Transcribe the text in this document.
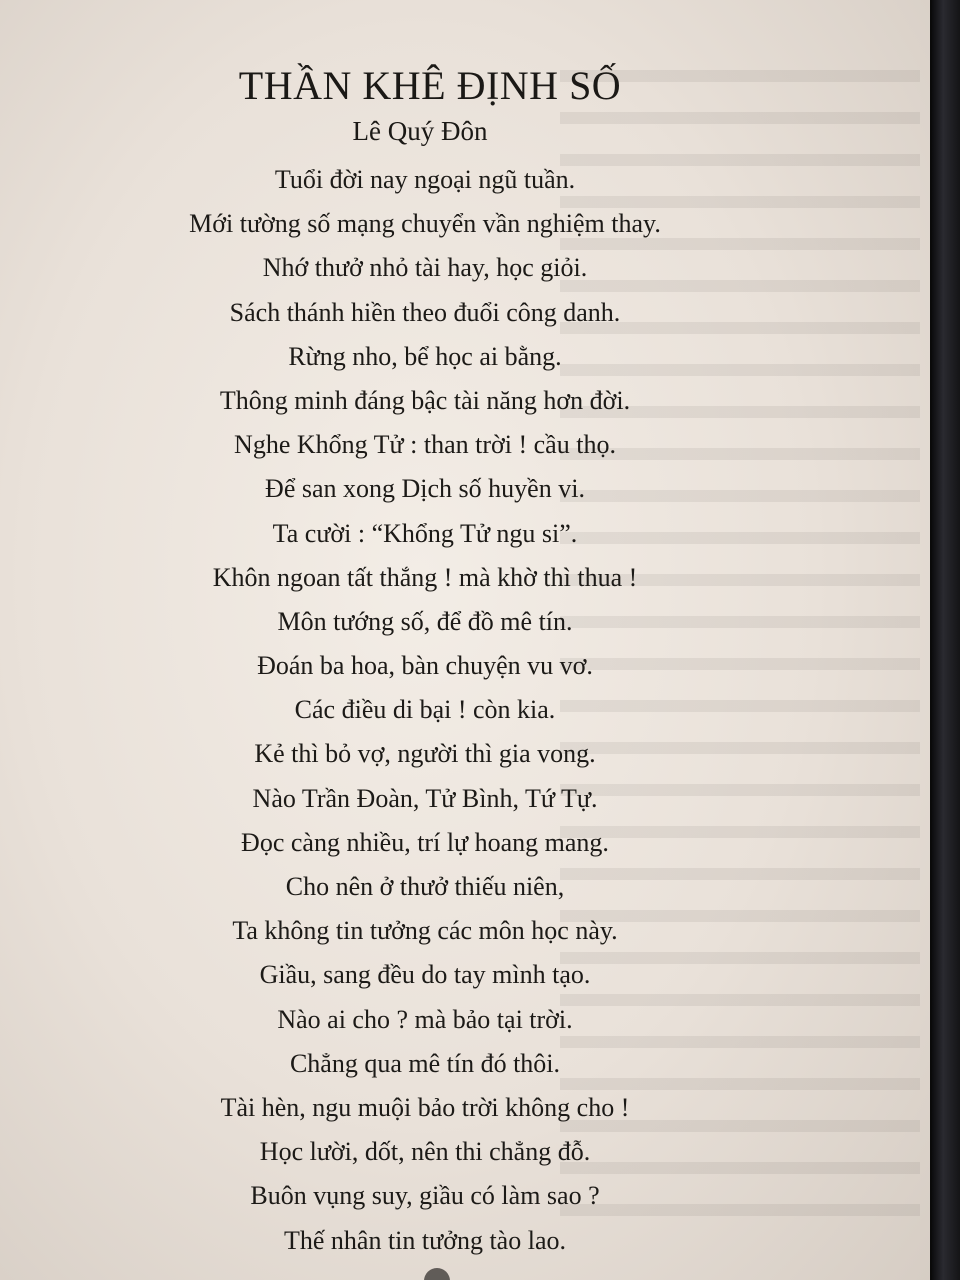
THẦN KHÊ ĐỊNH SỐ
Lê Quý Đôn
Tuổi đời nay ngoại ngũ tuần.
Mới tường số mạng chuyển vần nghiệm thay.
Nhớ thưở nhỏ tài hay, học giỏi.
Sách thánh hiền theo đuổi công danh.
Rừng nho, bể học ai bằng.
Thông minh đáng bậc tài năng hơn đời.
Nghe Khổng Tử : than trời ! cầu thọ.
Để san xong Dịch số huyền vi.
Ta cười : “Khổng Tử ngu si”.
Khôn ngoan tất thắng ! mà khờ thì thua !
Môn tướng số, để đồ mê tín.
Đoán ba hoa, bàn chuyện vu vơ.
Các điều di bại ! còn kia.
Kẻ thì bỏ vợ, người thì gia vong.
Nào Trần Đoàn, Tử Bình, Tứ Tự.
Đọc càng nhiều, trí lự hoang mang.
Cho nên ở thưở thiếu niên,
Ta không tin tưởng các môn học này.
Giầu, sang đều do tay mình tạo.
Nào ai cho ? mà bảo tại trời.
Chẳng qua mê tín đó thôi.
Tài hèn, ngu muội bảo trời không cho !
Học lười, dốt, nên thi chẳng đỗ.
Buôn vụng suy, giầu có làm sao ?
Thế nhân tin tưởng tào lao.
